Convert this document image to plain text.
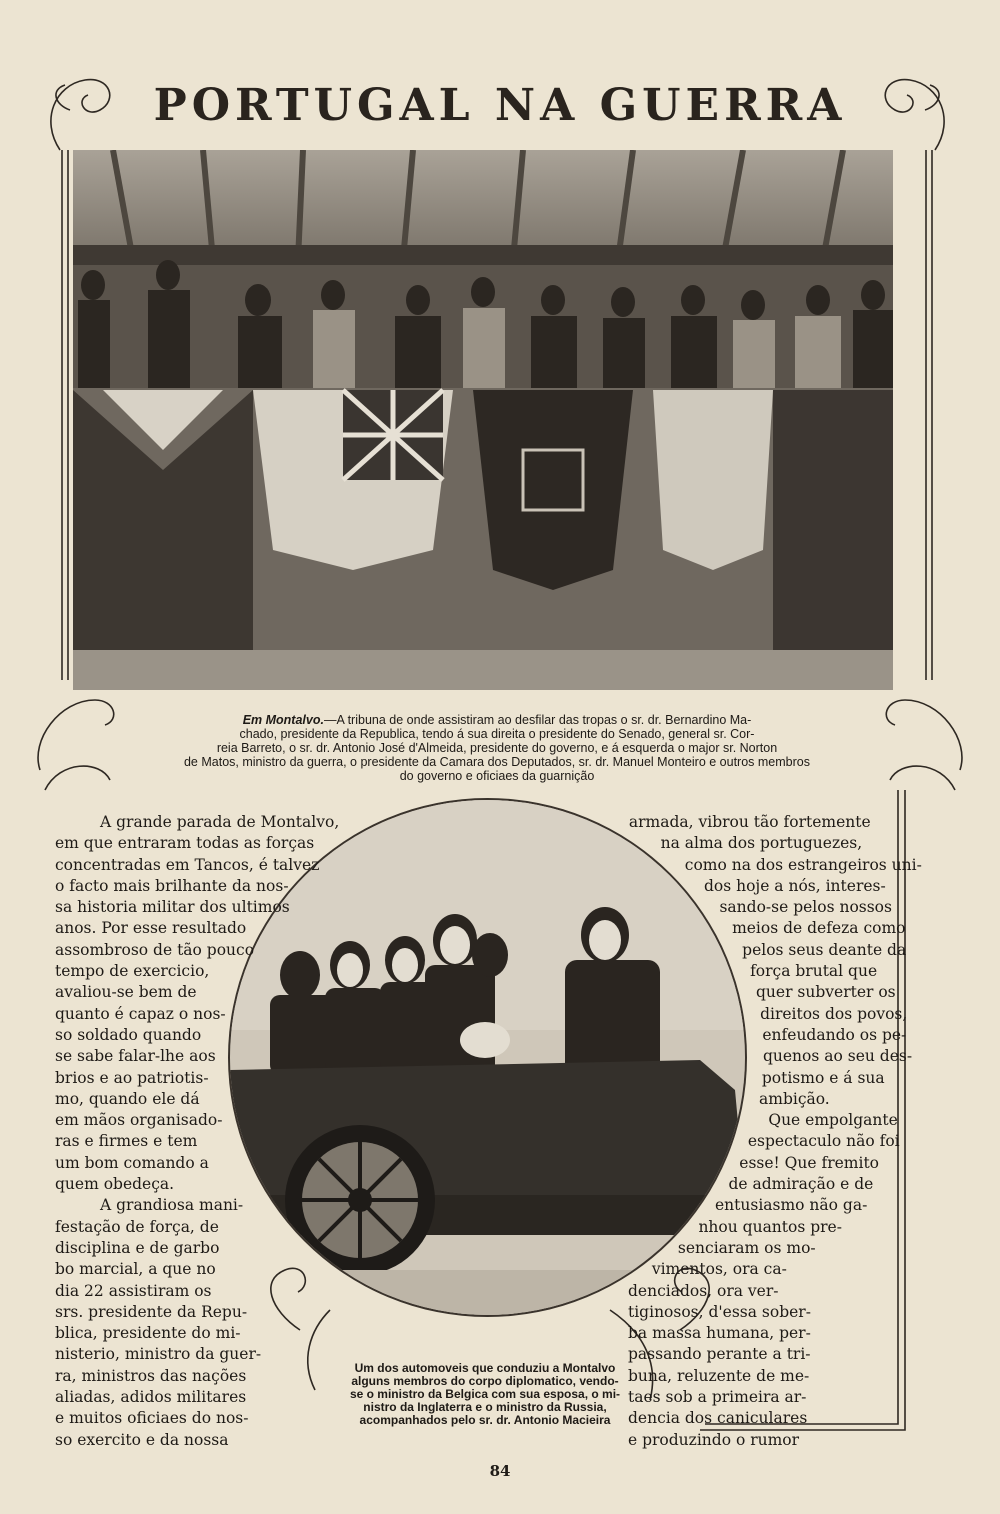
PORTUGAL NA GUERRA
Em Montalvo.—A tribuna de onde assistiram ao desfilar das tropas o sr. dr. Bernardino Ma-
chado, presidente da Republica, tendo á sua direita o presidente do Senado, general sr. Cor-
reia Barreto, o sr. dr. Antonio José d'Almeida, presidente do governo, e á esquerda o major sr. Norton
de Matos, ministro da guerra, o presidente da Camara dos Deputados, sr. dr. Manuel Monteiro e outros membros
do governo e oficiaes da guarnição
Um dos automoveis que conduziu a Montalvo
alguns membros do corpo diplomatico, vendo-
se o ministro da Belgica com sua esposa, o mi-
nistro da Inglaterra e o ministro da Russia,
acompanhados pelo sr. dr. Antonio Macieira
A grande parada de Montalvo,
em que entraram todas as forças
concentradas em Tancos, é talvez
o facto mais brilhante da nos-
sa historia militar dos ultimos
anos. Por esse resultado
assombroso de tão pouco
tempo de exercicio,
avaliou-se bem de
quanto é capaz o nos-
so soldado quando
se sabe falar-lhe aos
brios e ao patriotis-
mo, quando ele dá
em mãos organisado-
ras e firmes e tem
um bom comando a
quem obedeça.
A grandiosa mani-
festação de força, de
disciplina e de garbo
bo marcial, a que no
dia 22 assistiram os
srs. presidente da Repu-
blica, presidente do mi-
nisterio, ministro da guer-
ra, ministros das nações
aliadas, adidos militares
e muitos oficiaes do nos-
so exercito e da nossa
armada, vibrou tão fortemente
na alma dos portuguezes,
como na dos estrangeiros uni-
dos hoje a nós, interes-
sando-se pelos nossos
meios de defeza como
pelos seus deante da
força brutal que
quer subverter os
direitos dos povos,
enfeudando os pe-
quenos ao seu des-
potismo e á sua
ambição.
Que empolgante
espectaculo não foi
esse! Que fremito
de admiração e de
entusiasmo não ga-
nhou quantos pre-
senciaram os mo-
vimentos, ora ca-
denciados, ora ver-
tiginosos, d'essa sober-
ba massa humana, per-
passando perante a tri-
buna, reluzente de me-
taes sob a primeira ar-
dencia dos caniculares
e produzindo o rumor
84
